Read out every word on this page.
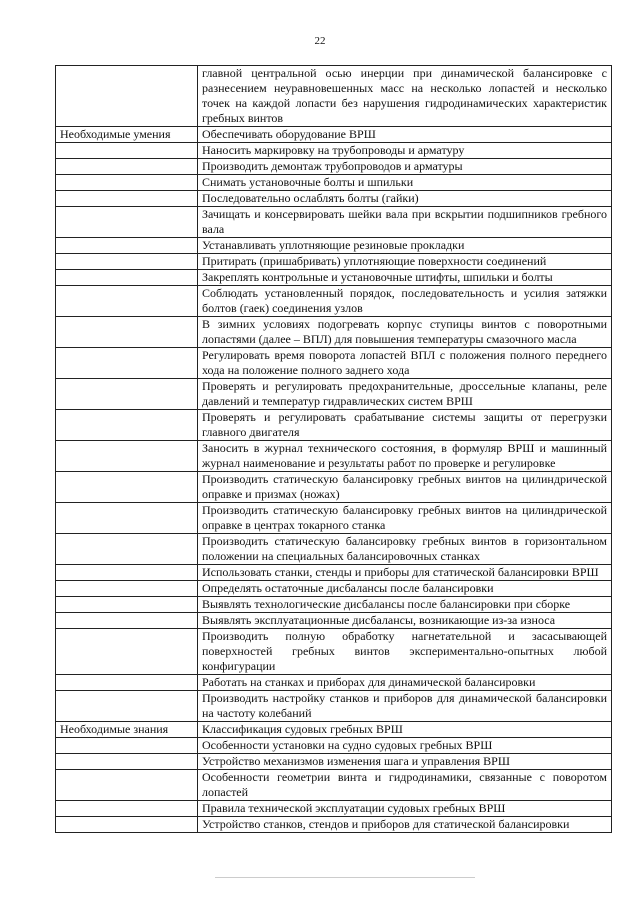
22
	главной центральной осью инерции при динамической балансировке с разнесением неуравновешенных масс на несколько лопастей и несколько точек на каждой лопасти без нарушения гидродинамических характеристик гребных винтов
Необходимые умения	Обеспечивать оборудование ВРШ
	Наносить маркировку на трубопроводы и арматуру
	Производить демонтаж трубопроводов и арматуры
	Снимать установочные болты и шпильки
	Последовательно ослаблять болты (гайки)
	Зачищать и консервировать шейки вала при вскрытии подшипников гребного вала
	Устанавливать уплотняющие резиновые прокладки
	Притирать (пришабривать) уплотняющие поверхности соединений
	Закреплять контрольные и установочные штифты, шпильки и болты
	Соблюдать установленный порядок, последовательность и усилия затяжки болтов (гаек) соединения узлов
	В зимних условиях подогревать корпус ступицы винтов с поворотными лопастями (далее – ВПЛ) для повышения температуры смазочного масла
	Регулировать время поворота лопастей ВПЛ с положения полного переднего хода на положение полного заднего хода
	Проверять и регулировать предохранительные, дроссельные клапаны, реле давлений и температур гидравлических систем ВРШ
	Проверять и регулировать срабатывание системы защиты от перегрузки главного двигателя
	Заносить в журнал технического состояния, в формуляр ВРШ и машинный журнал наименование и результаты работ по проверке и регулировке
	Производить статическую балансировку гребных винтов на цилиндрической оправке и призмах (ножах)
	Производить статическую балансировку гребных винтов на цилиндрической оправке в центрах токарного станка
	Производить статическую балансировку гребных винтов в горизонтальном положении на специальных балансировочных станках
	Использовать станки, стенды и приборы для статической балансировки ВРШ
	Определять остаточные дисбалансы после балансировки
	Выявлять технологические дисбалансы после балансировки при сборке
	Выявлять эксплуатационные дисбалансы, возникающие из-за износа
	Производить полную обработку нагнетательной и засасывающей поверхностей гребных винтов экспериментально-опытных любой конфигурации
	Работать на станках и приборах для динамической балансировки
	Производить настройку станков и приборов для динамической балансировки на частоту колебаний
Необходимые знания	Классификация судовых гребных ВРШ
	Особенности установки на судно судовых гребных ВРШ
	Устройство механизмов изменения шага и управления ВРШ
	Особенности геометрии винта и гидродинамики, связанные с поворотом лопастей
	Правила технической эксплуатации судовых гребных ВРШ
	Устройство станков, стендов и приборов для статической балансировки
